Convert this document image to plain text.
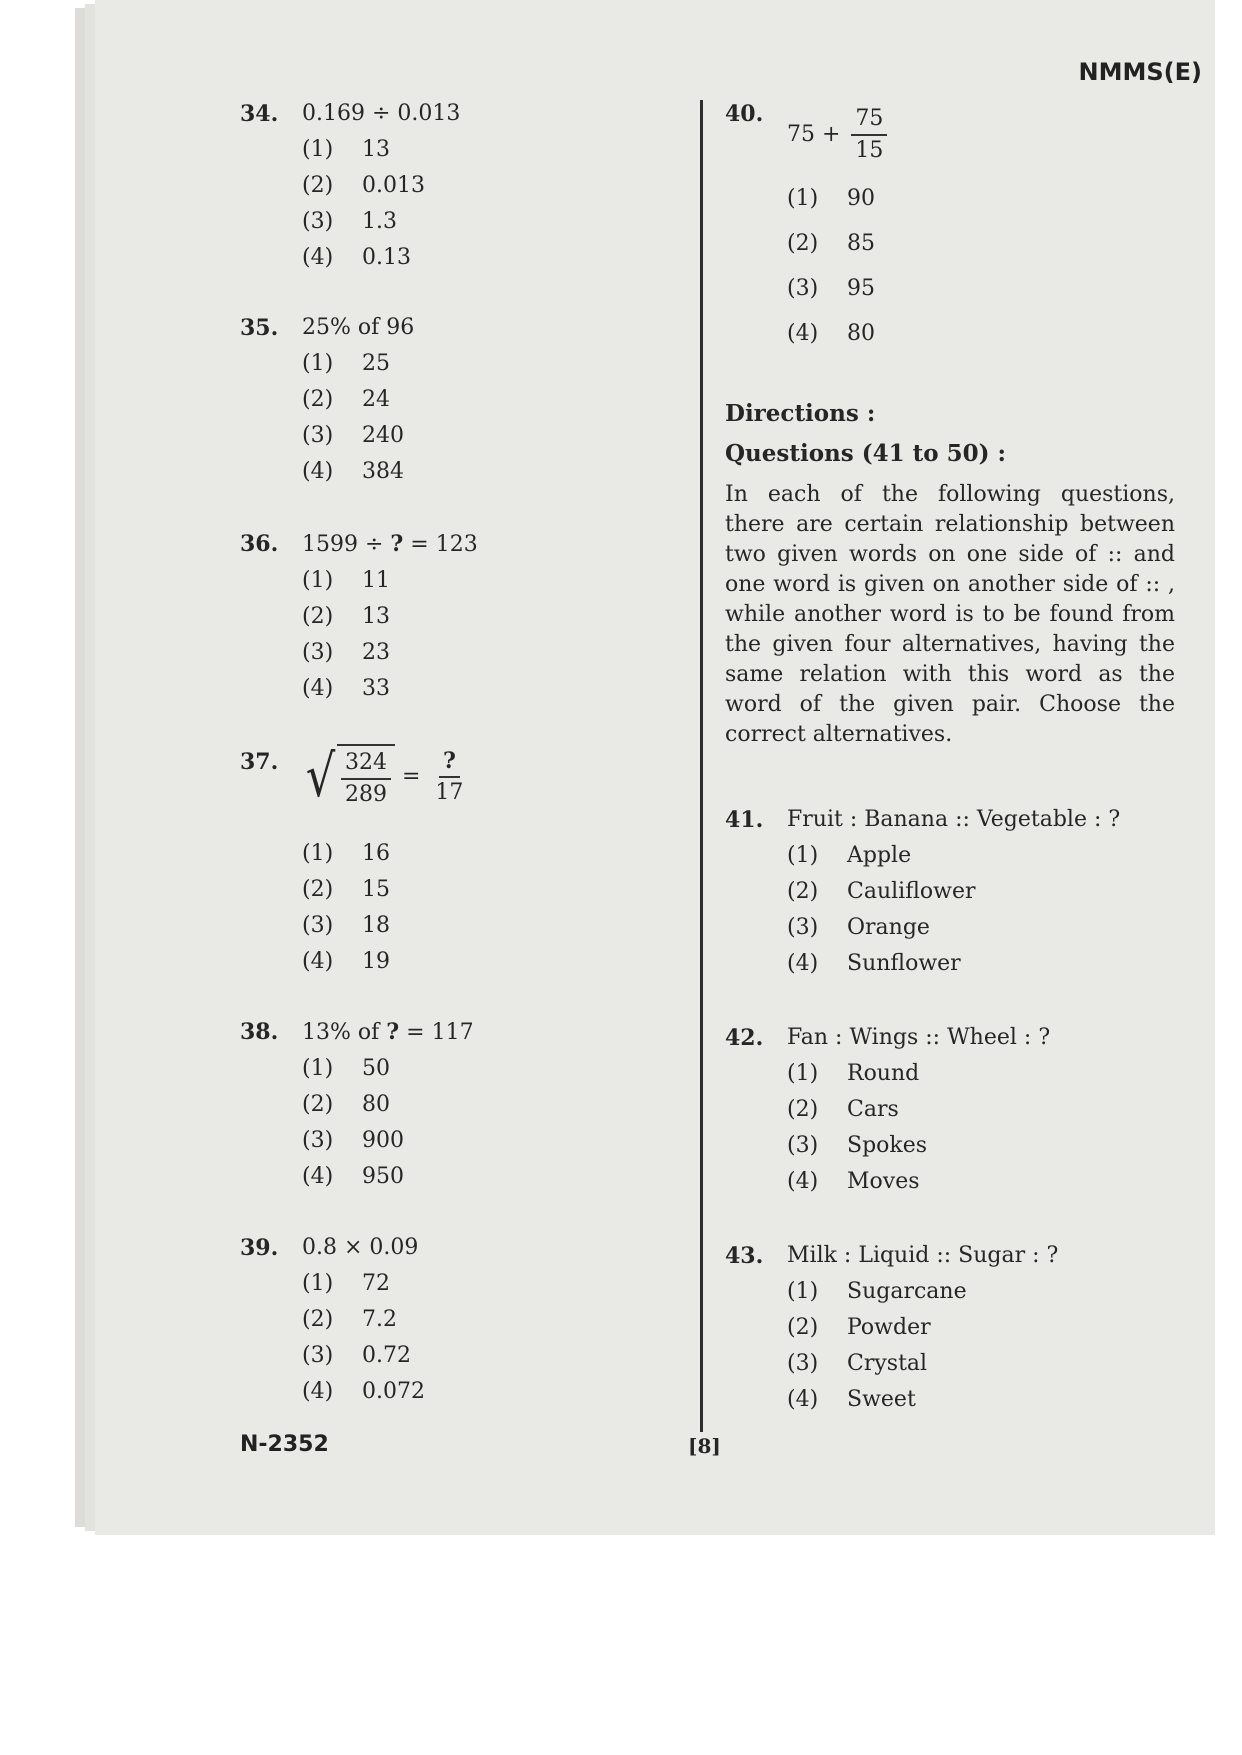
NMMS(E)
34.	0.169 ÷ 0.013
(1)	13
(2)	0.013
(3)	1.3
(4)	0.13
35.	25% of 96
(1)	25
(2)	24
(3)	240
(4)	384
36.	1599 ÷ ? = 123
(1)	11
(2)	13
(3)	23
(4)	33
37. √ $\frac{324}{289} = \frac{?}{17}$
(1)	16
(2)	15
(3)	18
(4)	19
38.	13% of ? = 117
(1)	50
(2)	80
(3)	900
(4)	950
39.	0.8 × 0.09
(1)	72
(2)	7.2
(3)	0.72
(4)	0.072
40.
$75 + \frac{75}{15}$
(1)	90
(2)	85
(3)	95
(4)	80
Directions :
Questions (41 to 50) :
In each of the following questions, there are certain relationship between two given words on one side of :: and one word is given on another side of :: , while another word is to be found from the given four alternatives, having the same relation with this word as the word of the given pair. Choose the correct alternatives.
41.	Fruit : Banana :: Vegetable : ?
(1)	Apple
(2)	Cauliflower
(3)	Orange
(4)	Sunflower
42.	Fan : Wings :: Wheel : ?
(1)	Round
(2)	Cars
(3)	Spokes
(4)	Moves
43.	Milk : Liquid :: Sugar : ?
(1)	Sugarcane
(2)	Powder
(3)	Crystal
(4)	Sweet
N-2352	[8]
